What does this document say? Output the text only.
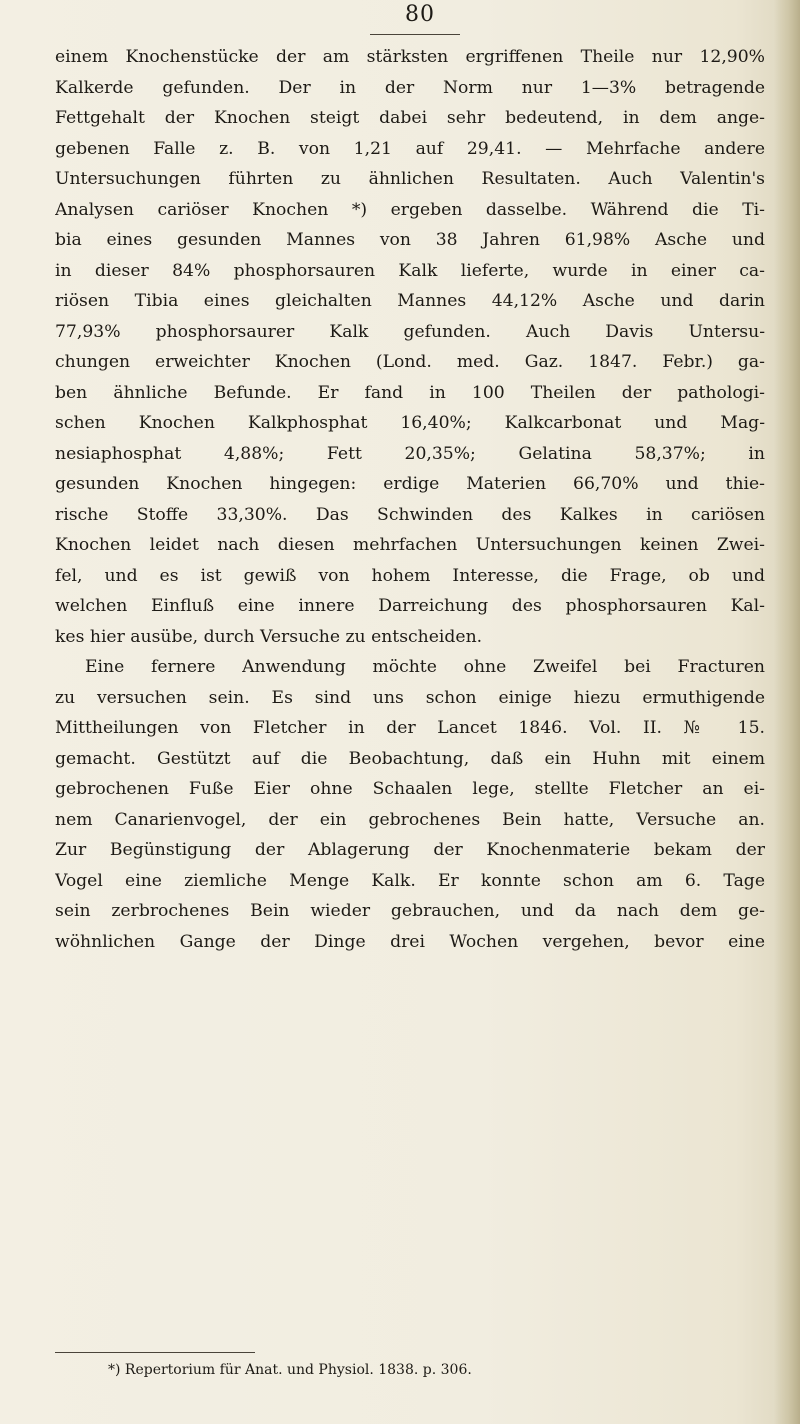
80
einem Knochenstücke der am stärksten ergriffenen Theile nur 12,90%
Kalkerde gefunden. Der in der Norm nur 1—3% betragende
Fettgehalt der Knochen steigt dabei sehr bedeutend, in dem ange-
gebenen Falle z. B. von 1,21 auf 29,41. — Mehrfache andere
Untersuchungen führten zu ähnlichen Resultaten. Auch Valentin's
Analysen cariöser Knochen *) ergeben dasselbe. Während die Ti-
bia eines gesunden Mannes von 38 Jahren 61,98% Asche und
in dieser 84% phosphorsauren Kalk lieferte, wurde in einer ca-
riösen Tibia eines gleichalten Mannes 44,12% Asche und darin
77,93% phosphorsaurer Kalk gefunden. Auch Davis Untersu-
chungen erweichter Knochen (Lond. med. Gaz. 1847. Febr.) ga-
ben ähnliche Befunde. Er fand in 100 Theilen der pathologi-
schen Knochen Kalkphosphat 16,40%; Kalkcarbonat und Mag-
nesiaphosphat 4,88%; Fett 20,35%; Gelatina 58,37%; in
gesunden Knochen hingegen: erdige Materien 66,70% und thie-
rische Stoffe 33,30%. Das Schwinden des Kalkes in cariösen
Knochen leidet nach diesen mehrfachen Untersuchungen keinen Zwei-
fel, und es ist gewiß von hohem Interesse, die Frage, ob und
welchen Einfluß eine innere Darreichung des phosphorsauren Kal-
kes hier ausübe, durch Versuche zu entscheiden.
Eine fernere Anwendung möchte ohne Zweifel bei Fracturen
zu versuchen sein. Es sind uns schon einige hiezu ermuthigende
Mittheilungen von Fletcher in der Lancet 1846. Vol. II. № 15.
gemacht. Gestützt auf die Beobachtung, daß ein Huhn mit einem
gebrochenen Fuße Eier ohne Schaalen lege, stellte Fletcher an ei-
nem Canarienvogel, der ein gebrochenes Bein hatte, Versuche an.
Zur Begünstigung der Ablagerung der Knochenmaterie bekam der
Vogel eine ziemliche Menge Kalk. Er konnte schon am 6. Tage
sein zerbrochenes Bein wieder gebrauchen, und da nach dem ge-
wöhnlichen Gange der Dinge drei Wochen vergehen, bevor eine
*) Repertorium für Anat. und Physiol. 1838. p. 306.
